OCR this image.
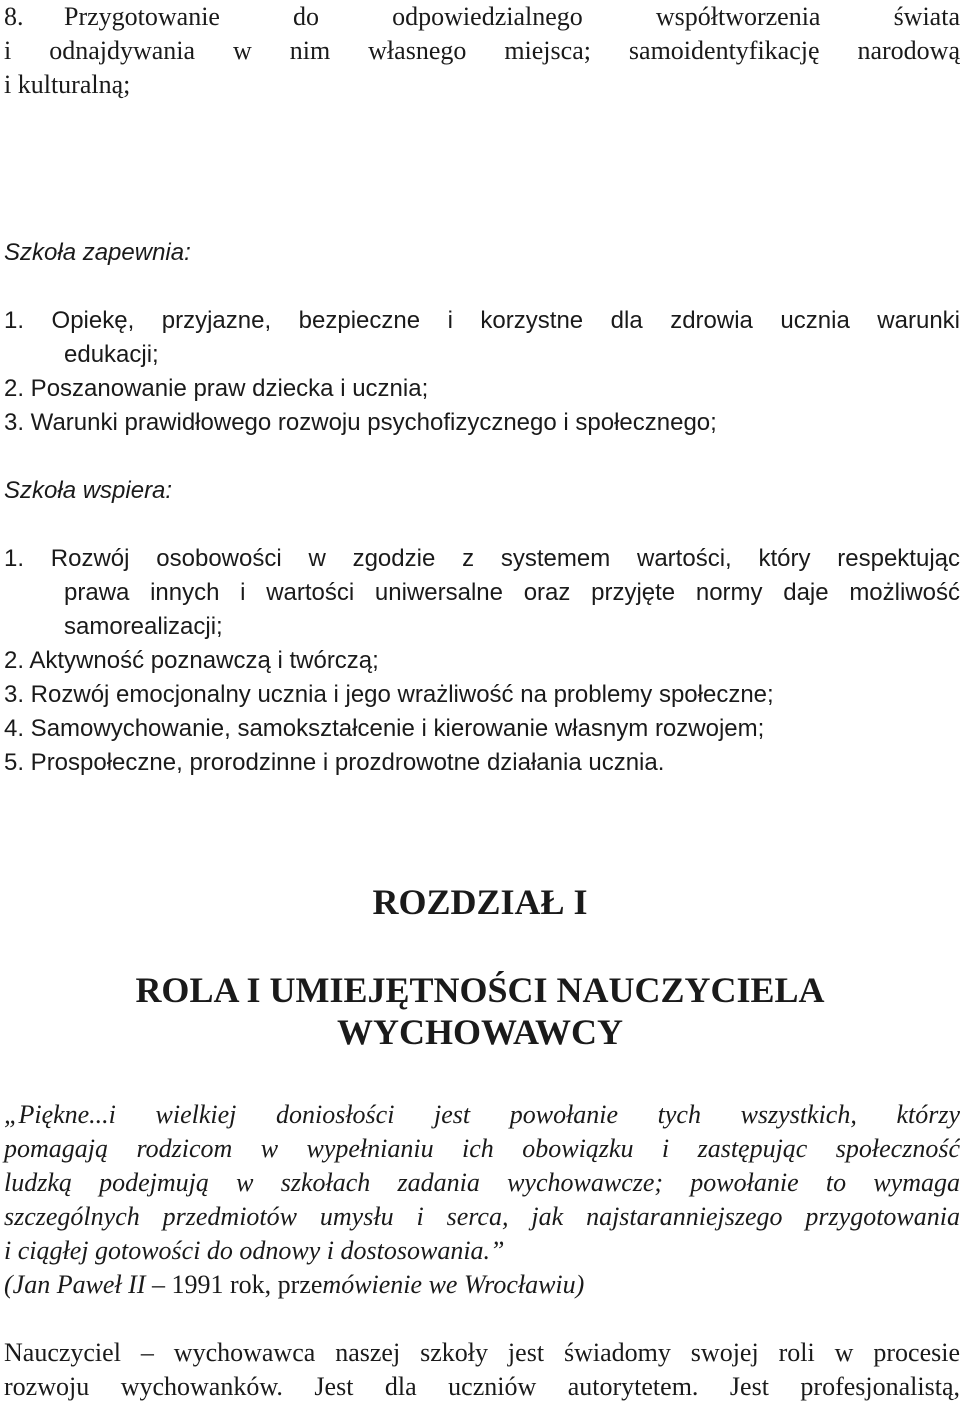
8. Przygotowanie do odpowiedzialnego współtworzenia świata
i odnajdywania w nim własnego miejsca; samoidentyfikację narodową
i kulturalną;
Szkoła zapewnia:
1. Opiekę, przyjazne, bezpieczne i korzystne dla zdrowia ucznia warunki
edukacji;
2. Poszanowanie praw dziecka i ucznia;
3. Warunki prawidłowego rozwoju psychofizycznego i społecznego;
Szkoła wspiera:
1. Rozwój osobowości w zgodzie z systemem wartości, który respektując
prawa innych i wartości uniwersalne oraz przyjęte normy daje możliwość
samorealizacji;
2. Aktywność poznawczą i twórczą;
3. Rozwój emocjonalny ucznia i jego wrażliwość na problemy społeczne;
4. Samowychowanie, samokształcenie i kierowanie własnym rozwojem;
5. Prospołeczne, prorodzinne i prozdrowotne działania ucznia.
ROZDZIAŁ I
ROLA I UMIEJĘTNOŚCI NAUCZYCIELA
WYCHOWAWCY
„Piękne...i wielkiej doniosłości jest powołanie tych wszystkich, którzy
pomagają rodzicom w wypełnianiu ich obowiązku i zastępując społeczność
ludzką podejmują w szkołach zadania wychowawcze; powołanie to wymaga
szczególnych przedmiotów umysłu i serca, jak najstaranniejszego przygotowania
i ciągłej gotowości do odnowy i dostosowania.”
(Jan Paweł II – 1991 rok, przemówienie we Wrocławiu)
Nauczyciel – wychowawca naszej szkoły jest świadomy swojej roli w procesie
rozwoju wychowanków. Jest dla uczniów autorytetem. Jest profesjonalistą,
